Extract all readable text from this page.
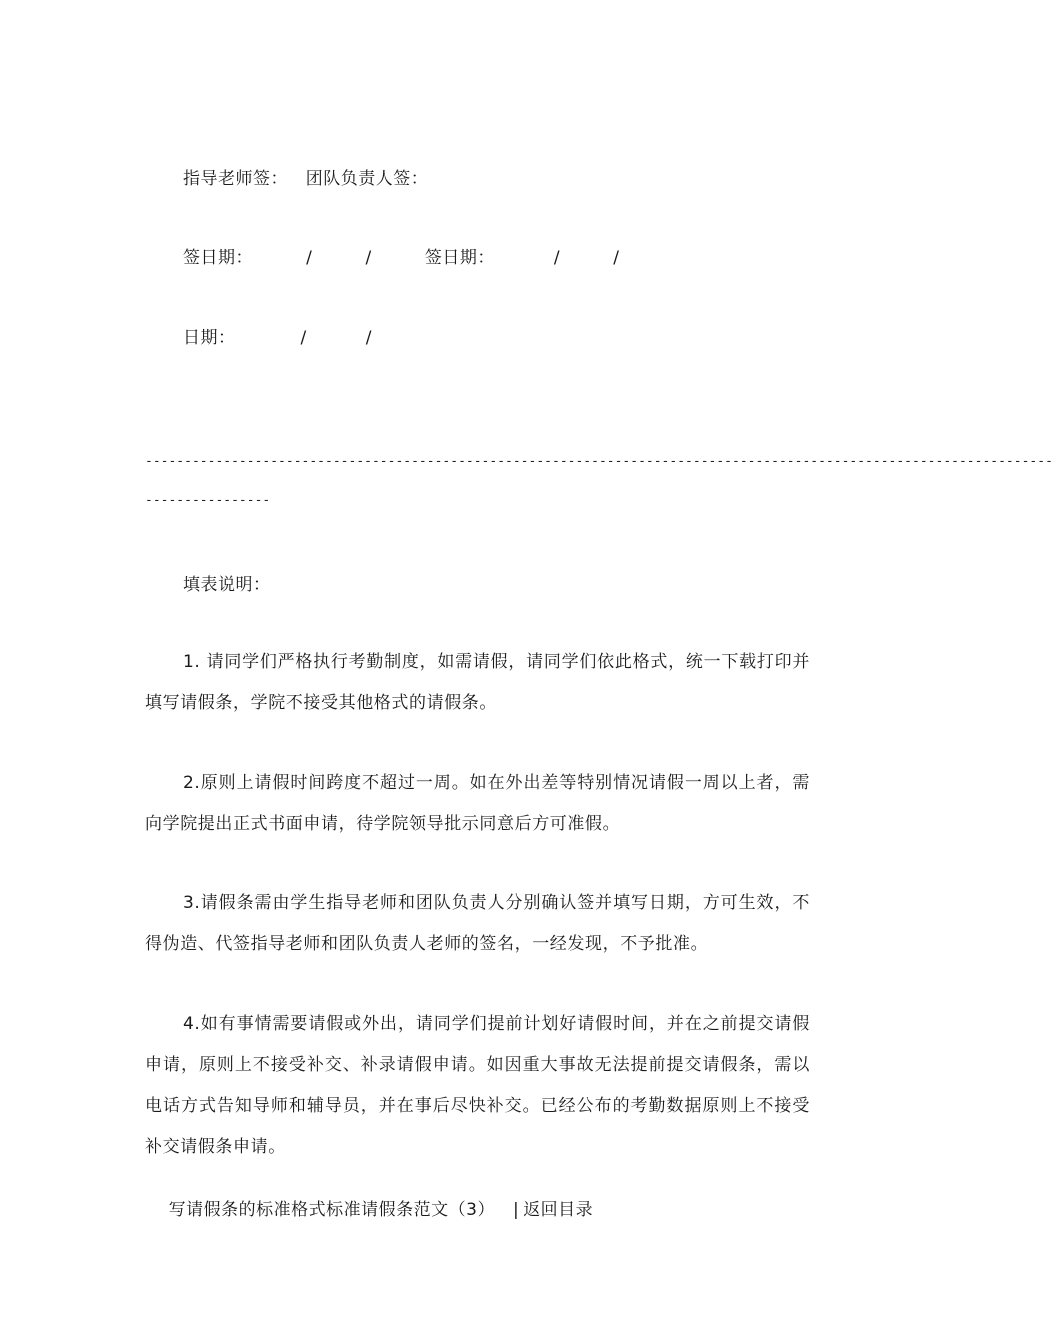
指导老师签：   团队负责人签：
签日期：         /         /         签日期：          /         /
日期：           /          /
--------------------------------------------------------------------------------------------------------------------
----------------
填表说明：
1. 请同学们严格执行考勤制度，如需请假，请同学们依此格式，统一下载打印并填写请假条，学院不接受其他格式的请假条。
2.原则上请假时间跨度不超过一周。如在外出差等特别情况请假一周以上者，需向学院提出正式书面申请，待学院领导批示同意后方可准假。
3.请假条需由学生指导老师和团队负责人分别确认签并填写日期，方可生效，不得伪造、代签指导老师和团队负责人老师的签名，一经发现，不予批准。
4.如有事情需要请假或外出，请同学们提前计划好请假时间，并在之前提交请假申请，原则上不接受补交、补录请假申请。如因重大事故无法提前提交请假条，需以电话方式告知导师和辅导员，并在事后尽快补交。已经公布的考勤数据原则上不接受补交请假条申请。

写请假条的标准格式标准请假条范文（3） | 返回目录
